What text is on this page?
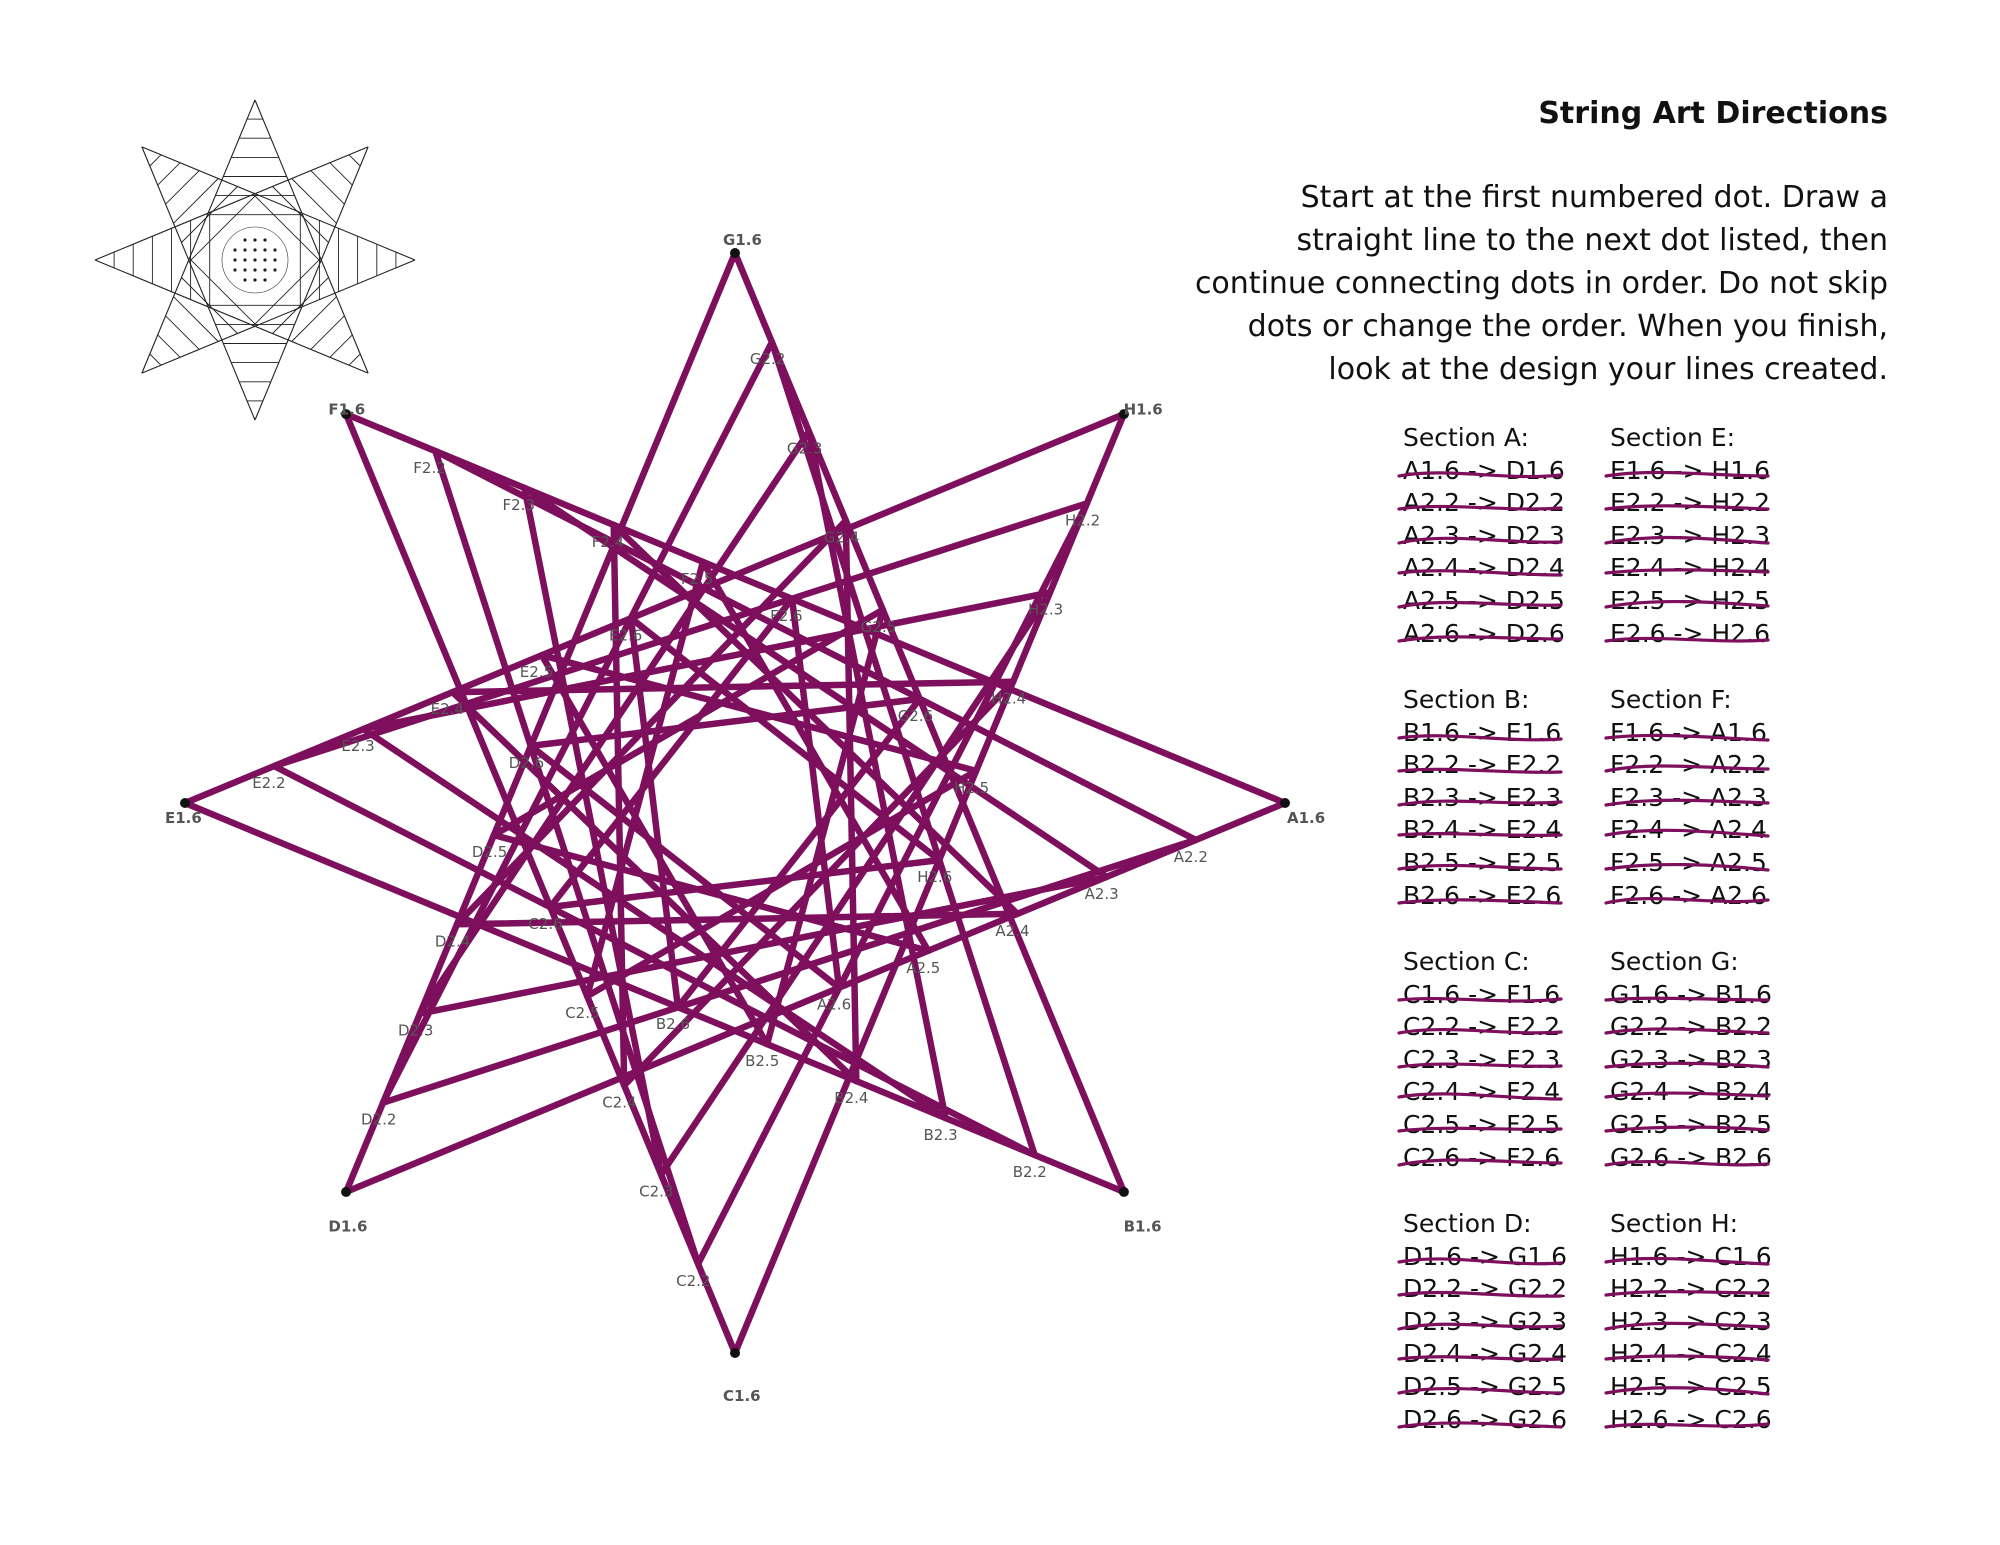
A1.6
A2.2
A2.3
A2.4
A2.5
A2.6
B1.6
B2.2
B2.3
B2.4
B2.5
B2.6
C1.6
C2.2
C2.3
C2.4
C2.5
C2.6
D1.6
D2.2
D2.3
D2.4
D2.5
D2.6
E1.6
E2.2
E2.3
E2.4
E2.5
E2.6
F1.6
F2.2
F2.3
F2.4
F2.5
F2.6
G1.6
G2.2
G2.3
G2.4
G2.5
G2.6
H1.6
H2.2
H2.3
H2.4
H2.5
H2.6
String Art Directions
Start at the first numbered dot. Draw a
straight line to the next dot listed, then
continue connecting dots in order. Do not skip
dots or change the order. When you finish,
look at the design your lines created.
Section A:
A1.6 -> D1.6
A2.2 -> D2.2
A2.3 -> D2.3
A2.4 -> D2.4
A2.5 -> D2.5
A2.6 -> D2.6
Section E:
E1.6 -> H1.6
E2.2 -> H2.2
E2.3 -> H2.3
E2.4 -> H2.4
E2.5 -> H2.5
E2.6 -> H2.6
Section B:
B1.6 -> E1.6
B2.2 -> E2.2
B2.3 -> E2.3
B2.4 -> E2.4
B2.5 -> E2.5
B2.6 -> E2.6
Section F:
F1.6 -> A1.6
F2.2 -> A2.2
F2.3 -> A2.3
F2.4 -> A2.4
F2.5 -> A2.5
F2.6 -> A2.6
Section C:
C1.6 -> F1.6
C2.2 -> F2.2
C2.3 -> F2.3
C2.4 -> F2.4
C2.5 -> F2.5
C2.6 -> F2.6
Section G:
G1.6 -> B1.6
G2.2 -> B2.2
G2.3 -> B2.3
G2.4 -> B2.4
G2.5 -> B2.5
G2.6 -> B2.6
Section D:
D1.6 -> G1.6
D2.2 -> G2.2
D2.3 -> G2.3
D2.4 -> G2.4
D2.5 -> G2.5
D2.6 -> G2.6
Section H:
H1.6 -> C1.6
H2.2 -> C2.2
H2.3 -> C2.3
H2.4 -> C2.4
H2.5 -> C2.5
H2.6 -> C2.6
